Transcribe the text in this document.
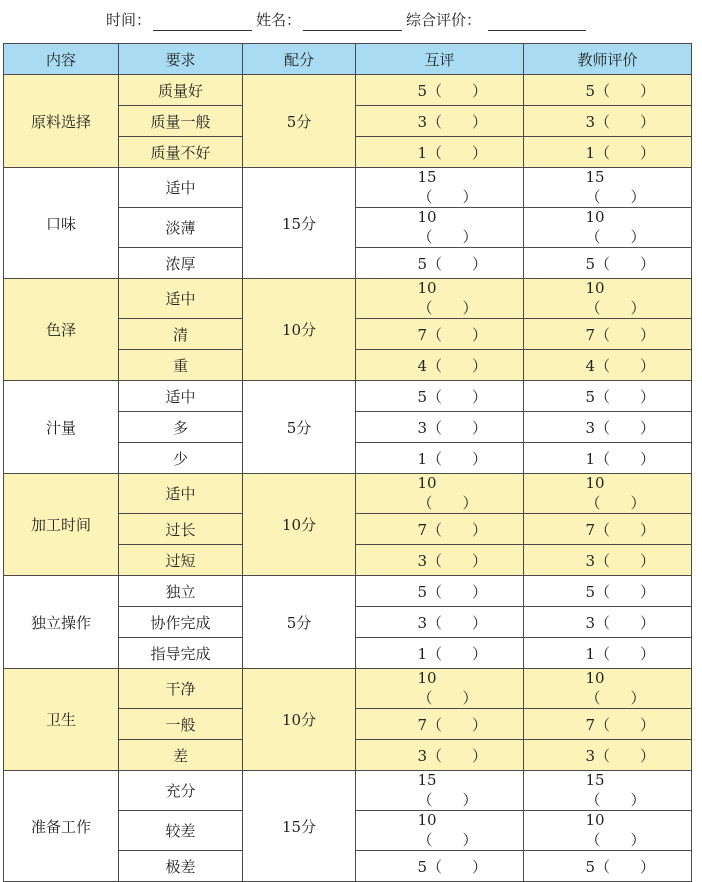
时间：	姓名：	综合评价：
内容	要求	配分	互评	教师评价
原料选择	质量好	5分	5（　　）	5（　　）
	质量一般		3（　　）	3（　　）
	质量不好		1（　　）	1（　　）
口味	适中	15分	15（　　）	15（　　）
	淡薄		10（　　）	10（　　）
	浓厚		5（　　）	5（　　）
色泽	适中	10分	10（　　）	10（　　）
	清		7（　　）	7（　　）
	重		4（　　）	4（　　）
汁量	适中	5分	5（　　）	5（　　）
	多		3（　　）	3（　　）
	少		1（　　）	1（　　）
加工时间	适中	10分	10（　　）	10（　　）
	过长		7（　　）	7（　　）
	过短		3（　　）	3（　　）
独立操作	独立	5分	5（　　）	5（　　）
	协作完成		3（　　）	3（　　）
	指导完成		1（　　）	1（　　）
卫生	干净	10分	10（　　）	10（　　）
	一般		7（　　）	7（　　）
	差		3（　　）	3（　　）
准备工作	充分	15分	15（　　）	15（　　）
	较差		10（　　）	10（　　）
	极差		5（　　）	5（　　）
